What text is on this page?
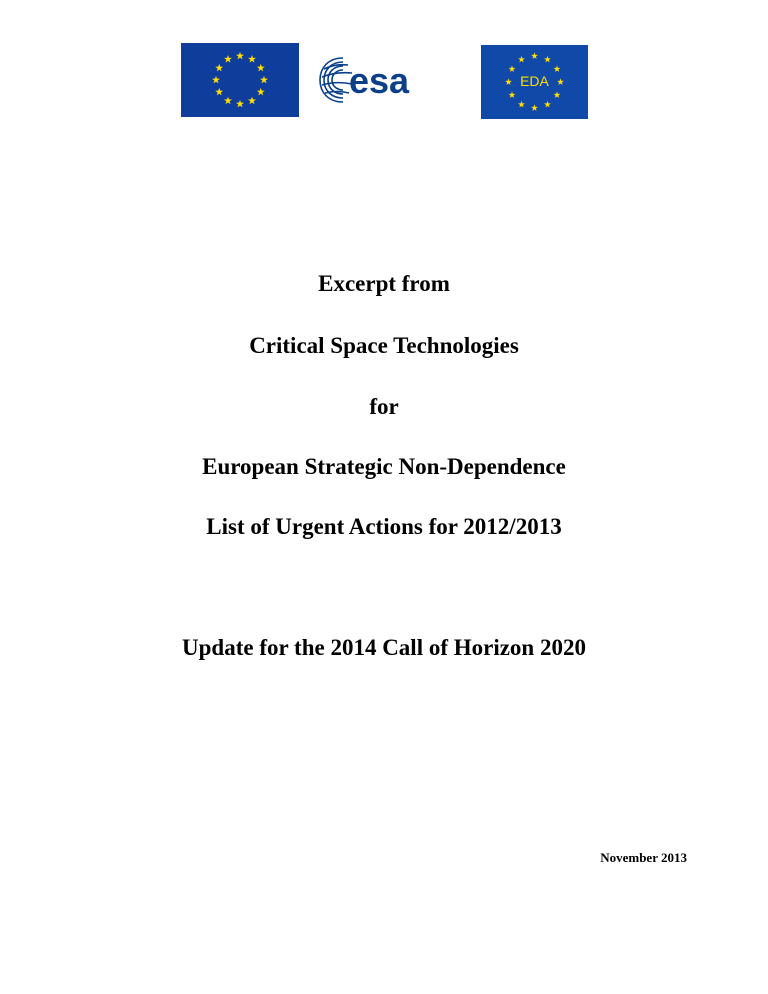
esa	EDA

Excerpt from

Critical Space Technologies

for

European Strategic Non-Dependence

List of Urgent Actions for 2012/2013

Update for the 2014 Call of Horizon 2020

November 2013
